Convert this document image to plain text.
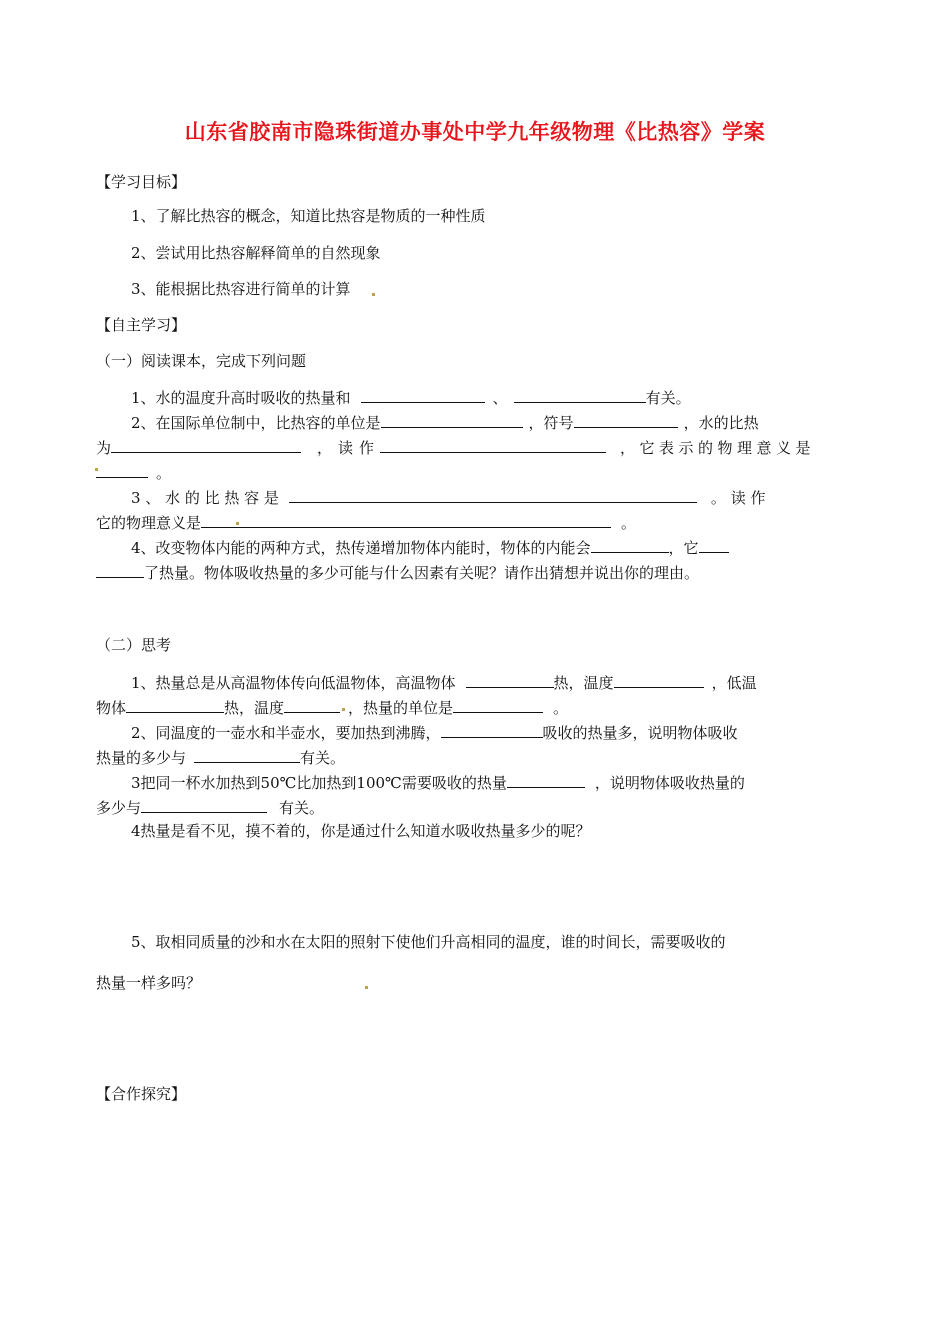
山东省胶南市隐珠街道办事处中学九年级物理《比热容》学案
【学习目标】
1、了解比热容的概念，知道比热容是物质的一种性质
2、尝试用比热容解释简单的自然现象
3、能根据比热容进行简单的计算
【自主学习】
（一）阅读课本，完成下列问题
1、水的温度升高时吸收的热量和	、	有关。
2、在国际单位制中，比热容的单位是	，符号	，水的比热
为	，读作	，它表示的物理意义是
。
3 、 水 的 比 热 容 是	。 读 作
它的物理意义是	。
4、改变物体内能的两种方式，热传递增加物体内能时，物体的内能会	，它
了热量。物体吸收热量的多少可能与什么因素有关呢？请作出猜想并说出你的理由。
（二）思考
1、热量总是从高温物体传向低温物体，高温物体	热，温度	，低温
物体	热，温度	，热量的单位是	。
2、同温度的一壶水和半壶水，要加热到沸腾，	吸收的热量多，说明物体吸收
热量的多少与	有关。
3把同一杯水加热到50℃比加热到100℃需要吸收的热量	，说明物体吸收热量的
多少与	有关。
4热量是看不见，摸不着的，你是通过什么知道水吸收热量多少的呢？
5、取相同质量的沙和水在太阳的照射下使他们升高相同的温度，谁的时间长，需要吸收的
热量一样多吗？
【合作探究】
